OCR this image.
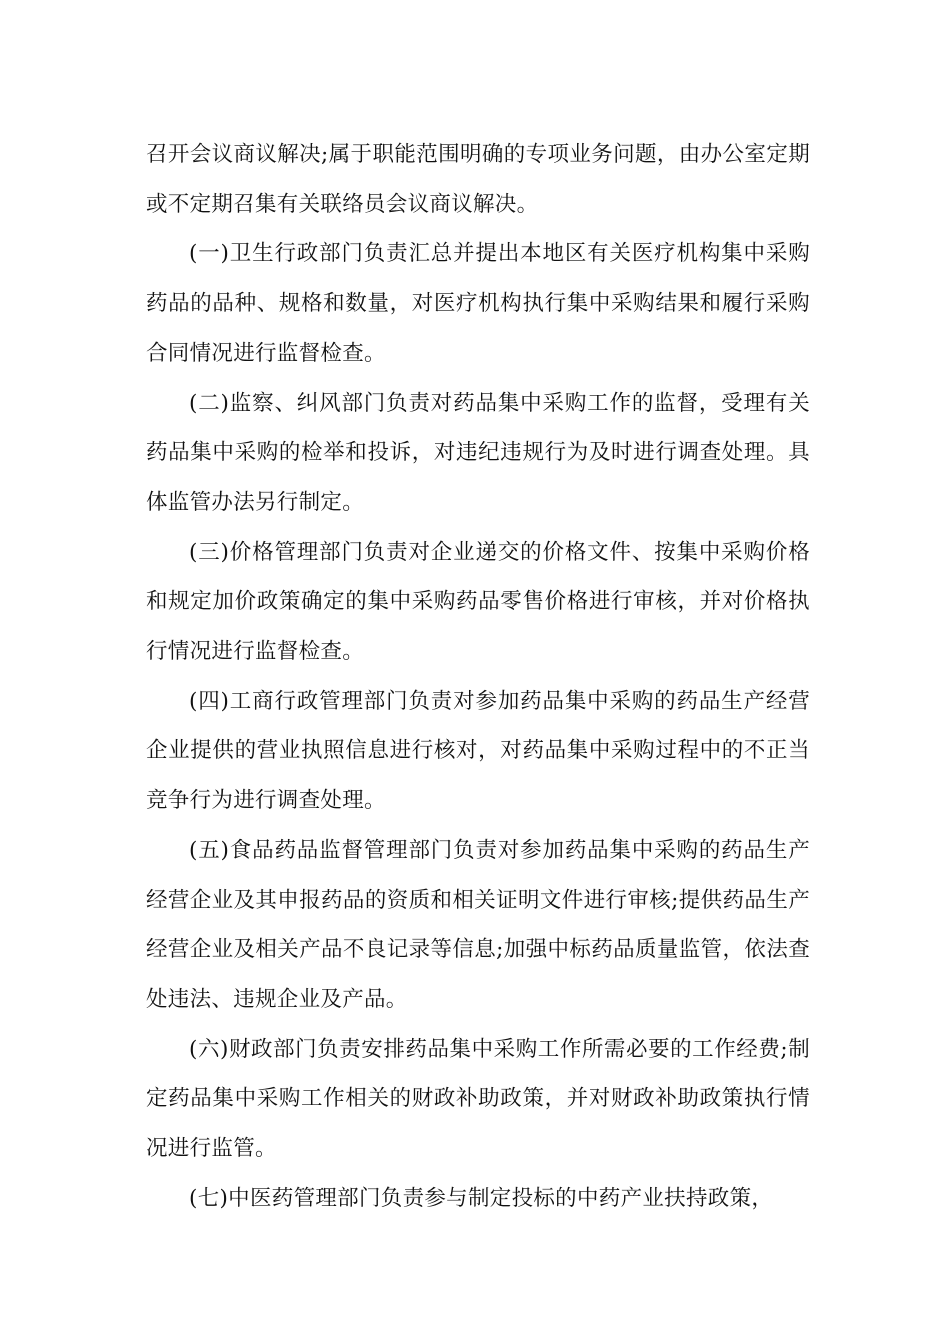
召开会议商议解决;属于职能范围明确的专项业务问题，由办公室定期或不定期召集有关联络员会议商议解决。

(一)卫生行政部门负责汇总并提出本地区有关医疗机构集中采购药品的品种、规格和数量，对医疗机构执行集中采购结果和履行采购合同情况进行监督检查。

(二)监察、纠风部门负责对药品集中采购工作的监督，受理有关药品集中采购的检举和投诉，对违纪违规行为及时进行调查处理。具体监管办法另行制定。

(三)价格管理部门负责对企业递交的价格文件、按集中采购价格和规定加价政策确定的集中采购药品零售价格进行审核，并对价格执行情况进行监督检查。

(四)工商行政管理部门负责对参加药品集中采购的药品生产经营企业提供的营业执照信息进行核对，对药品集中采购过程中的不正当竞争行为进行调查处理。

(五)食品药品监督管理部门负责对参加药品集中采购的药品生产经营企业及其申报药品的资质和相关证明文件进行审核;提供药品生产经营企业及相关产品不良记录等信息;加强中标药品质量监管，依法查处违法、违规企业及产品。

(六)财政部门负责安排药品集中采购工作所需必要的工作经费;制定药品集中采购工作相关的财政补助政策，并对财政补助政策执行情况进行监管。

(七)中医药管理部门负责参与制定投标的中药产业扶持政策，
